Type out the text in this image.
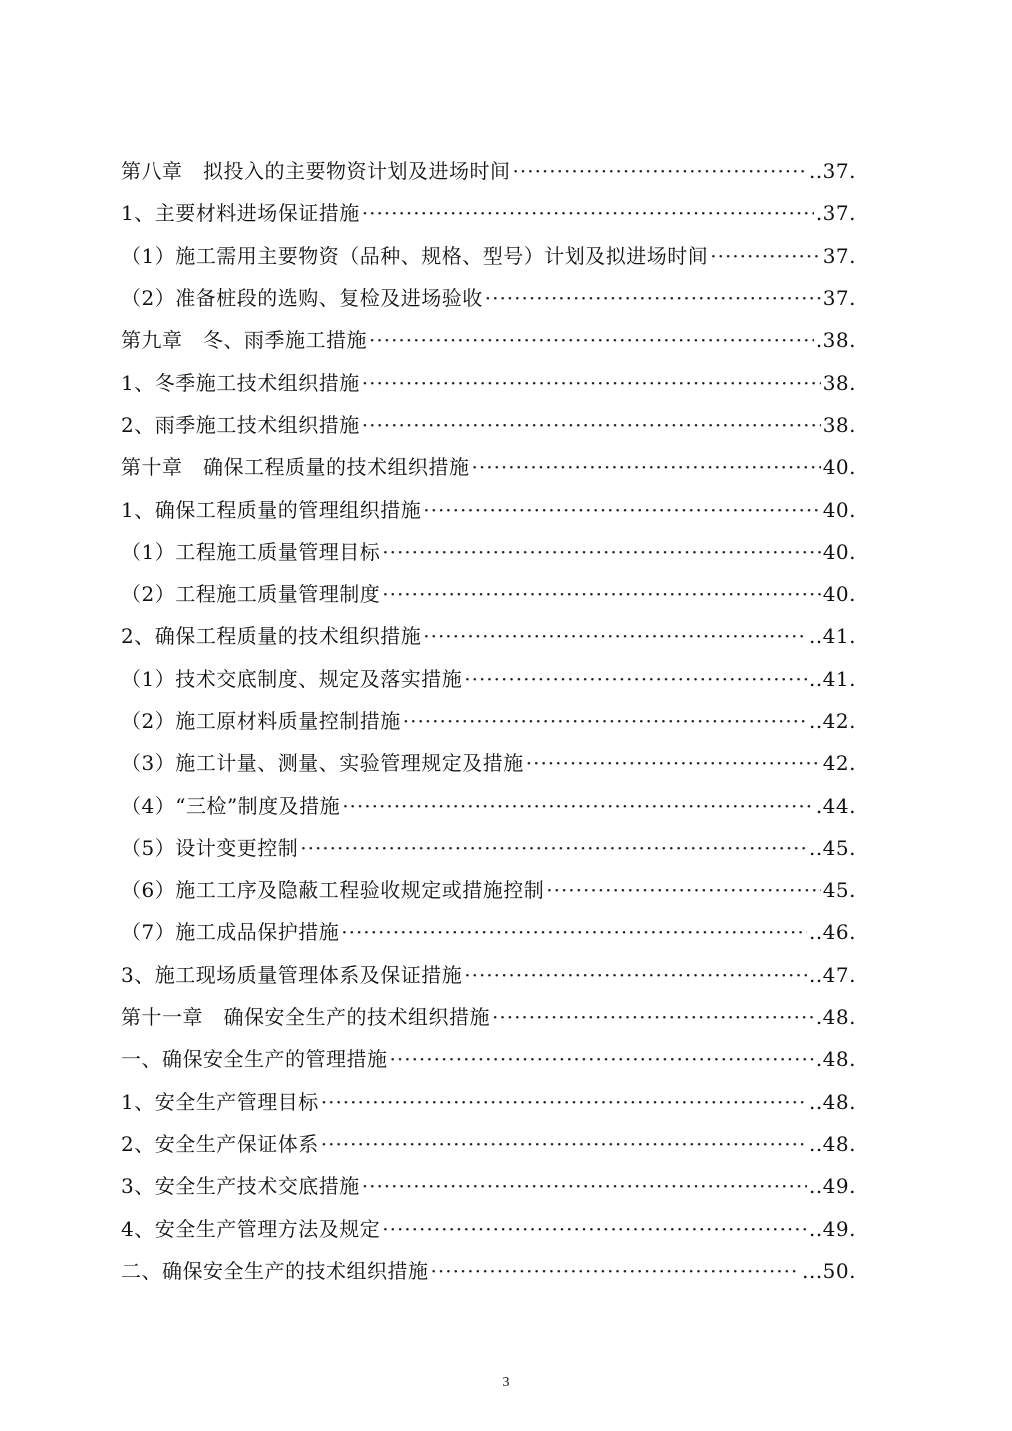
第八章　拟投入的主要物资计划及进场时间 ·····	..37.
1、主要材料进场保证措施 ·····	.37.
（1）施工需用主要物资（品种、规格、型号）计划及拟进场时间 ·····	37.
（2）准备桩段的选购、复检及进场验收 ·····	37.
第九章　冬、雨季施工措施 ·····	.38.
1、冬季施工技术组织措施 ·····	38.
2、雨季施工技术组织措施 ·····	38.
第十章　确保工程质量的技术组织措施 ·····	40.
1、确保工程质量的管理组织措施 ·····	40.
（1）工程施工质量管理目标 ·····	40.
（2）工程施工质量管理制度 ·····	40.
2、确保工程质量的技术组织措施 ·····	..41.
（1）技术交底制度、规定及落实措施 ·····	..41.
（2）施工原材料质量控制措施 ·····	..42.
（3）施工计量、测量、实验管理规定及措施 ·····	42.
（4）“三检”制度及措施 ·····	.44.
（5）设计变更控制 ·····	..45.
（6）施工工序及隐蔽工程验收规定或措施控制 ·····	45.
（7）施工成品保护措施 ·····	..46.
3、施工现场质量管理体系及保证措施 ·····	..47.
第十一章　确保安全生产的技术组织措施 ·····	.48.
一、确保安全生产的管理措施 ·····	.48.
1、安全生产管理目标 ·····	..48.
2、安全生产保证体系 ·····	..48.
3、安全生产技术交底措施 ·····	..49.
4、安全生产管理方法及规定 ·····	..49.
二、确保安全生产的技术组织措施 ·····	...50.
3
